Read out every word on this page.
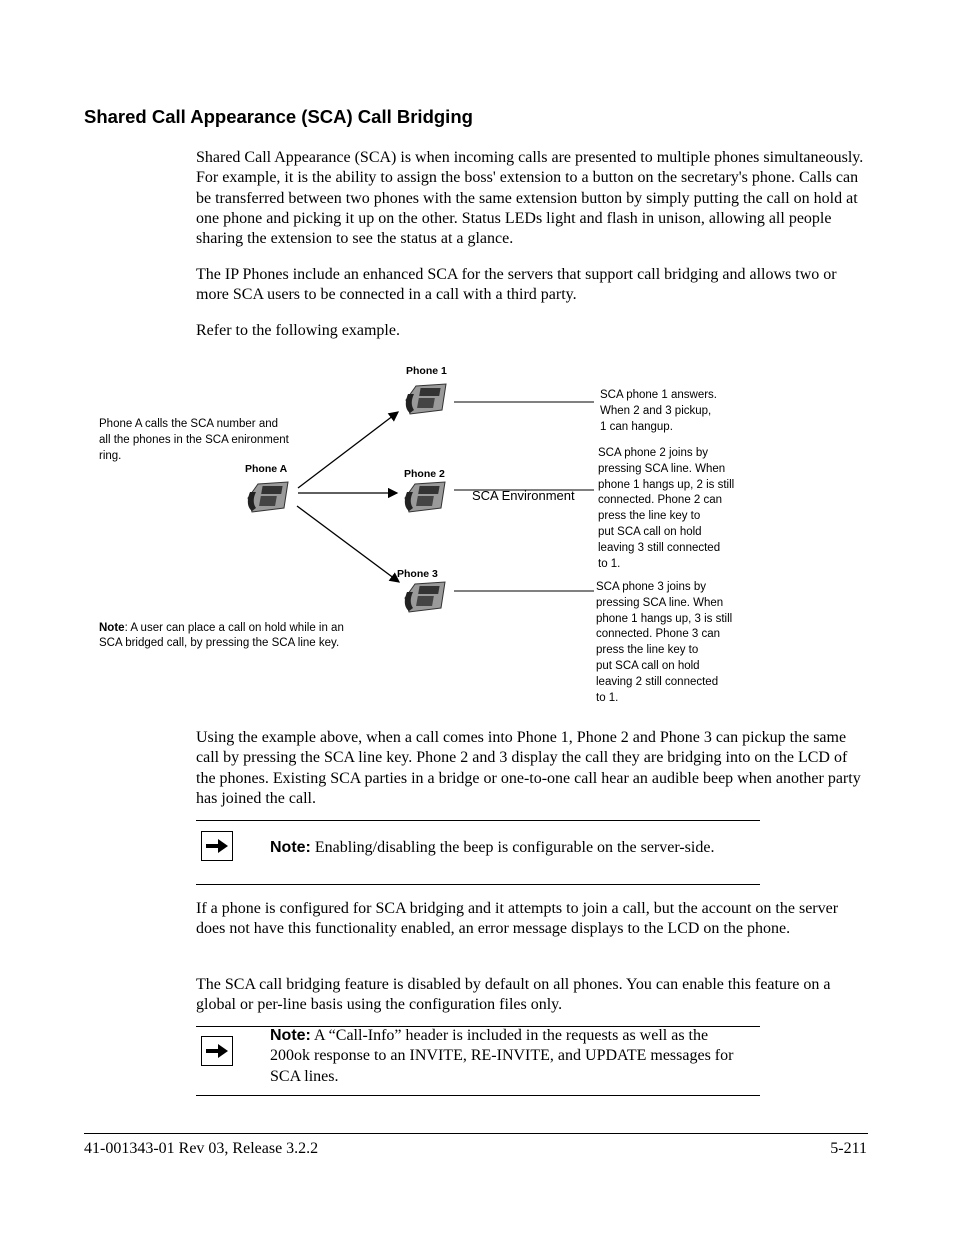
Shared Call Appearance (SCA) Call Bridging

Shared Call Appearance (SCA) is when incoming calls are presented to multiple phones simultaneously. For example, it is the ability to assign the boss' extension to a button on the secretary's phone. Calls can be transferred between two phones with the same extension button by simply putting the call on hold at one phone and picking it up on the other. Status LEDs light and flash in unison, allowing all people sharing the extension to see the status at a glance.

The IP Phones include an enhanced SCA for the servers that support call bridging and allows two or more SCA users to be connected in a call with a third party.

Refer to the following example.

Phone A calls the SCA number and
all the phones in the SCA enironment
ring.
Phone A
Phone 1
Phone 2
Phone 3
SCA Environment
SCA phone 1 answers.
When 2 and 3 pickup,
1 can hangup.
SCA phone 2 joins by
pressing SCA line. When
phone 1 hangs up, 2 is still
connected. Phone 2 can
press the line key to
put SCA call on hold
leaving 3 still connected
to 1.
SCA phone 3 joins by
pressing SCA line. When
phone 1 hangs up, 3 is still
connected. Phone 3 can
press the line key to
put SCA call on hold
leaving 2 still connected
to 1.
Note: A user can place a call on hold while in an
SCA bridged call, by pressing the SCA line key.

Using the example above, when a call comes into Phone 1, Phone 2 and Phone 3 can pickup the same call by pressing the SCA line key. Phone 2 and 3 display the call they are bridging into on the LCD of the phones. Existing SCA parties in a bridge or one-to-one call hear an audible beep when another party has joined the call.

Note: Enabling/disabling the beep is configurable on the server-side.

If a phone is configured for SCA bridging and it attempts to join a call, but the account on the server does not have this functionality enabled, an error message displays to the LCD on the phone.

The SCA call bridging feature is disabled by default on all phones. You can enable this feature on a global or per-line basis using the configuration files only.

Note: A “Call-Info” header is included in the requests as well as the 200ok response to an INVITE, RE-INVITE, and UPDATE messages for SCA lines.
41-001343-01 Rev 03, Release 3.2.2	5-211
